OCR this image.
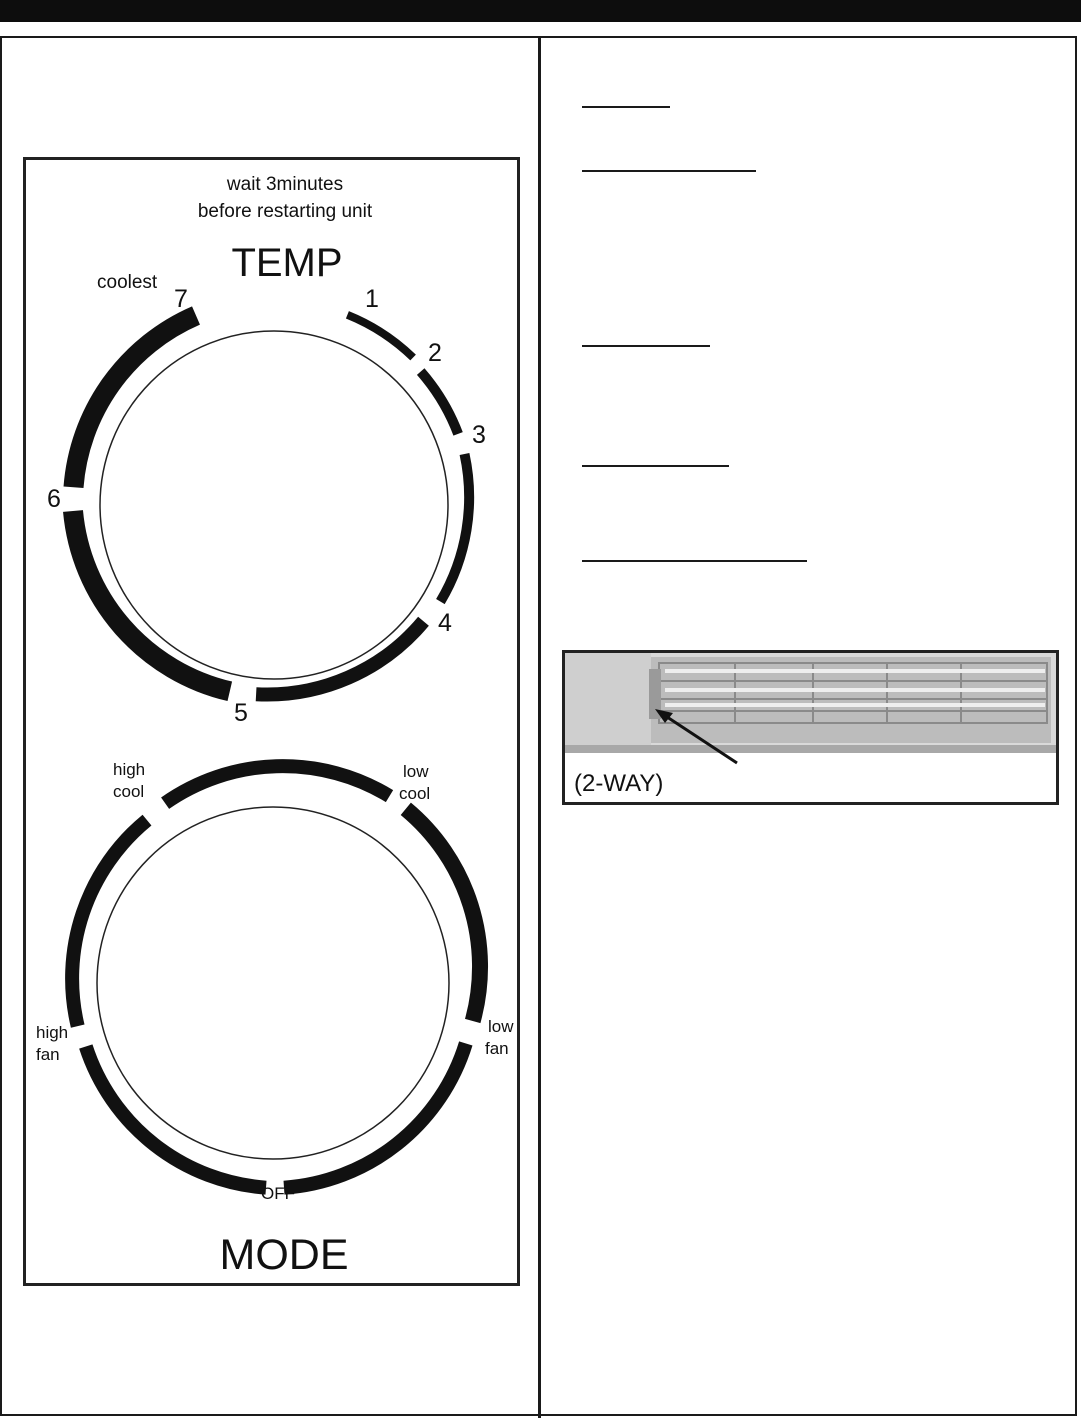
wait 3minutes
before restarting unit
TEMP
coolest
1
2
3
4
5
6
7
high
cool
low
cool
high
fan
low
fan
OFF
MODE
(2-WAY)
